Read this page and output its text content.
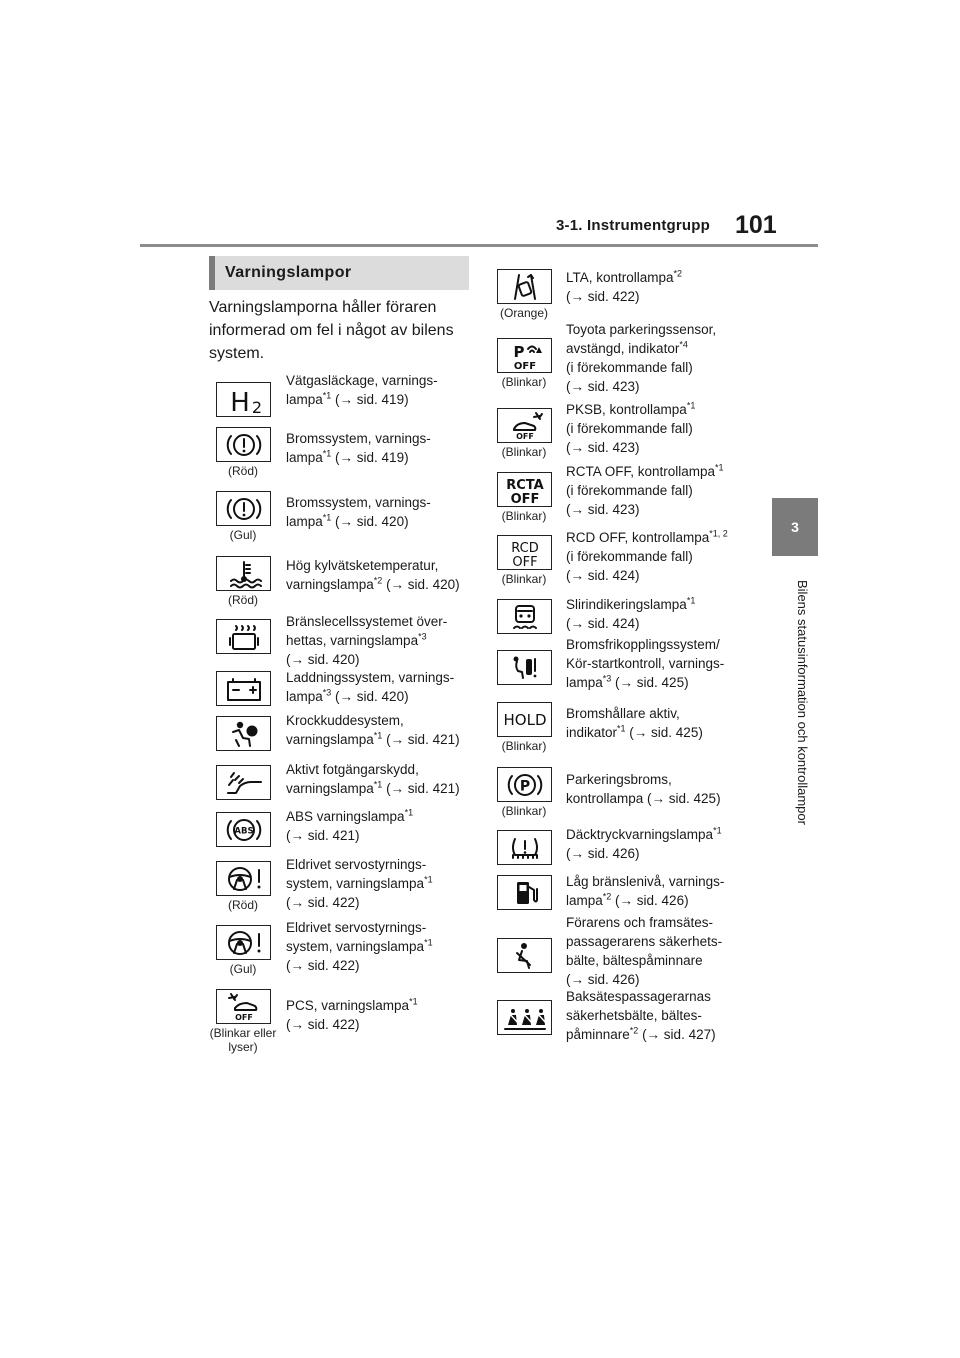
3-1. Instrumentgrupp 101
3
Bilens statusinformation och kontrollampor
Varningslampor
Varningslamporna håller föraren informerad om fel i något av bilens system.
H 2

Vätgasläckage, varnings-

lampa$^{*1}$ (→ sid. 419)

(Röd)

Bromssystem, varnings-

lampa$^{*1}$ (→ sid. 419)

(Gul)

Bromssystem, varnings-

lampa$^{*1}$ (→ sid. 420)

(Röd)

Hög kylvätsketemperatur,

varningslampa$^{*2}$ (→ sid. 420)

Bränslecellssystemet över-

hettas, varningslampa$^{*3}$

(→ sid. 420)

Laddningssystem, varnings-

lampa$^{*3}$ (→ sid. 420)

Krockkuddesystem,

varningslampa$^{*1}$ (→ sid. 421)

Aktivt fotgängarskydd,

varningslampa$^{*1}$ (→ sid. 421)

ABS

ABS varningslampa$^{*1}$

(→ sid. 421)

(Röd)

Eldrivet servostyrnings-

system, varningslampa$^{*1}$

(→ sid. 422)

(Gul)

Eldrivet servostyrnings-

system, varningslampa$^{*1}$

(→ sid. 422)

OFF
(Blinkar eller lyser)

PCS, varningslampa$^{*1}$

(→ sid. 422)

(Orange)

LTA, kontrollampa$^{*2}$

(→ sid. 422)

P
OFF
(Blinkar)

Toyota parkeringssensor,

avstängd, indikator$^{*4}$

(i förekommande fall)

(→ sid. 423)

OFF
(Blinkar)

PKSB, kontrollampa$^{*1}$

(i förekommande fall)

(→ sid. 423)

RCTA
OFF
(Blinkar)

RCTA OFF, kontrollampa$^{*1}$

(i förekommande fall)

(→ sid. 423)

RCD
OFF
(Blinkar)

RCD OFF, kontrollampa$^{*1, 2}$

(i förekommande fall)

(→ sid. 424)

Slirindikeringslampa$^{*1}$

(→ sid. 424)

Bromsfrikopplingssystem/

Kör-startkontroll, varnings-

lampa$^{*3}$ (→ sid. 425)

HOLD
(Blinkar)

Bromshållare aktiv,

indikator$^{*1}$ (→ sid. 425)

P
(Blinkar)

Parkeringsbroms,

kontrollampa (→ sid. 425)

Däcktryckvarningslampa$^{*1}$

(→ sid. 426)

Låg bränslenivå, varnings-

lampa$^{*2}$ (→ sid. 426)

Förarens och framsätes-

passagerarens säkerhets-

bälte, bältespåminnare

(→ sid. 426)

Baksätespassagerarnas

säkerhetsbälte, bältes-

påminnare$^{*2}$ (→ sid. 427)
